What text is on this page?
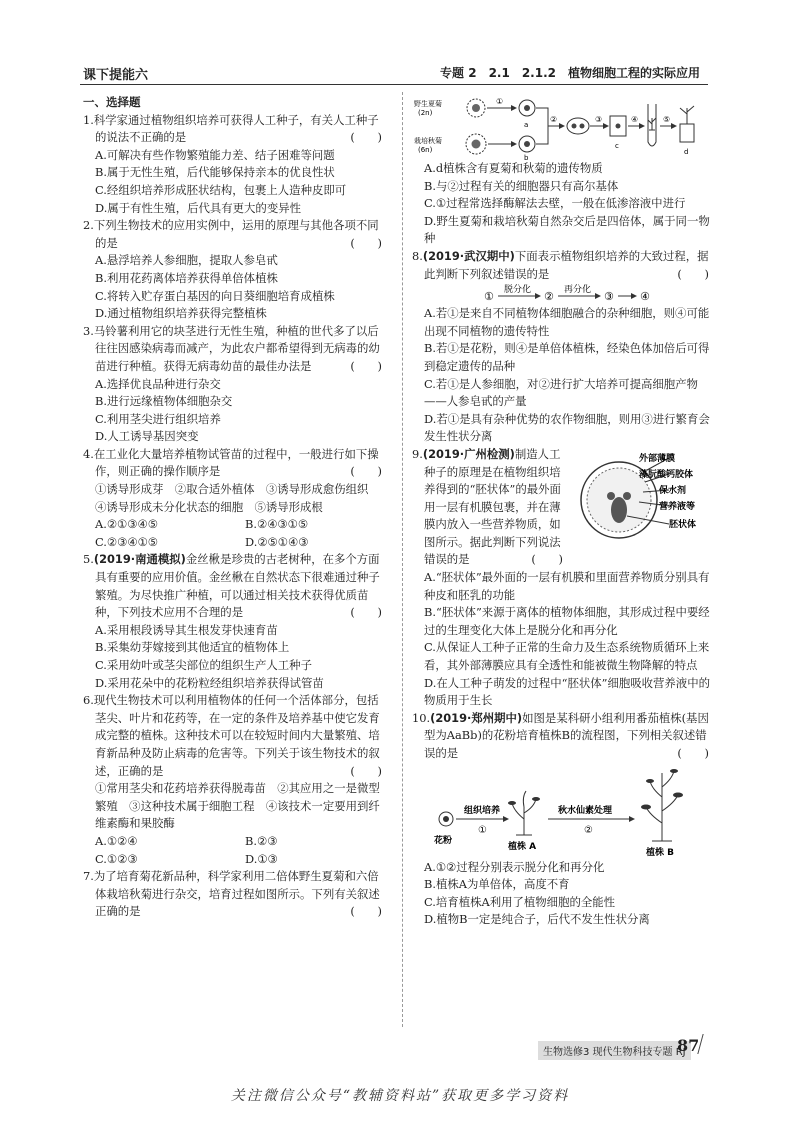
课下提能六	专题 2　2.1　2.1.2　植物细胞工程的实际应用
一、选择题
1.科学家通过植物组织培养可获得人工种子，有关人工种子的说法不正确的是	(　　)
A.可解决有些作物繁殖能力差、结子困难等问题
B.属于无性生殖，后代能够保持亲本的优良性状
C.经组织培养形成胚状结构，包裹上人造种皮即可
D.属于有性生殖，后代具有更大的变异性
2.下列生物技术的应用实例中，运用的原理与其他各项不同的是	(　　)
A.悬浮培养人参细胞，提取人参皂甙
B.利用花药离体培养获得单倍体植株
C.将转入贮存蛋白基因的向日葵细胞培育成植株
D.通过植物组织培养获得完整植株
3.马铃薯利用它的块茎进行无性生殖，种植的世代多了以后往往因感染病毒而减产，为此农户都希望得到无病毒的幼苗进行种植。获得无病毒幼苗的最佳办法是	(　　)
A.选择优良品种进行杂交
B.进行远缘植物体细胞杂交
C.利用茎尖进行组织培养
D.人工诱导基因突变
4.在工业化大量培养植物试管苗的过程中，一般进行如下操作，则正确的操作顺序是	(　　)
①诱导形成芽　②取合适外植体　③诱导形成愈伤组织　④诱导形成未分化状态的细胞　⑤诱导形成根
A.②①③④⑤	B.②④③①⑤
C.②③④①⑤	D.②⑤①④③
5.(2019·南通模拟)金丝楸是珍贵的古老树种，在多个方面具有重要的应用价值。金丝楸在自然状态下很难通过种子繁殖。为尽快推广种植，可以通过相关技术获得优质苗种，下列技术应用不合理的是	(　　)
A.采用根段诱导其生根发芽快速育苗
B.采集幼芽嫁接到其他适宜的植物体上
C.采用幼叶或茎尖部位的组织生产人工种子
D.采用花朵中的花粉粒经组织培养获得试管苗
6.现代生物技术可以利用植物体的任何一个活体部分，包括茎尖、叶片和花药等，在一定的条件及培养基中使它发育成完整的植株。这种技术可以在较短时间内大量繁殖、培育新品种及防止病毒的危害等。下列关于该生物技术的叙述，正确的是	(　　)
①常用茎尖和花药培养获得脱毒苗　②其应用之一是微型繁殖　③这种技术属于细胞工程　④该技术一定要用到纤维素酶和果胶酶
A.①②④	B.②③
C.①②③	D.①③
7.为了培育菊花新品种，科学家利用二倍体野生夏菊和六倍体栽培秋菊进行杂交，培育过程如图所示。下列有关叙述正确的是	(　　)
野生夏菊
(2n)
栽培秋菊
(6n)
①
a
b
②	③
c
④	⑤
d
A.d植株含有夏菊和秋菊的遗传物质
B.与②过程有关的细胞器只有高尔基体
C.①过程常选择酶解法去壁，一般在低渗溶液中进行
D.野生夏菊和栽培秋菊自然杂交后是四倍体，属于同一物种
8.(2019·武汉期中)下面表示植物组织培养的大致过程，据此判断下列叙述错误的是	(　　)
① 脱分化 ② 再分化 ③ ④
A.若①是来自不同植物体细胞融合的杂种细胞，则④可能出现不同植物的遗传特性
B.若①是花粉，则④是单倍体植株，经染色体加倍后可得到稳定遗传的品种
C.若①是人参细胞，对②进行扩大培养可提高细胞产物——人参皂甙的产量
D.若①是具有杂种优势的农作物细胞，则用③进行繁育会发生性状分离
外部薄膜
藻朊酸钙胶体
保水剂
营养液等
胚状体
9.(2019·广州检测)制造人工种子的原理是在植物组织培养得到的“胚状体”的最外面用一层有机膜包裹，并在薄膜内放入一些营养物质，如图所示。据此判断下列说法错误的是	(　　)
A.“胚状体”最外面的一层有机膜和里面营养物质分别具有种皮和胚乳的功能
B.“胚状体”来源于离体的植物体细胞，其形成过程中要经过的生理变化大体上是脱分化和再分化
C.从保证人工种子正常的生命力及生态系统物质循环上来看，其外部薄膜应具有全透性和能被微生物降解的特点
D.在人工种子萌发的过程中“胚状体”细胞吸收营养液中的物质用于生长
10.(2019·郑州期中)如图是某科研小组利用番茄植株(基因型为AaBb)的花粉培育植株B的流程图，下列相关叙述错误的是	(　　)
花粉
组织培养
①
植株 A
秋水仙素处理
②
植株 B
A.①②过程分别表示脱分化和再分化
B.植株A为单倍体，高度不育
C.培育植株A利用了植物细胞的全能性
D.植物B一定是纯合子，后代不发生性状分离
生物选修3 现代生物科技专题 RJ
87
关注微信公众号“教辅资料站”获取更多学习资料
